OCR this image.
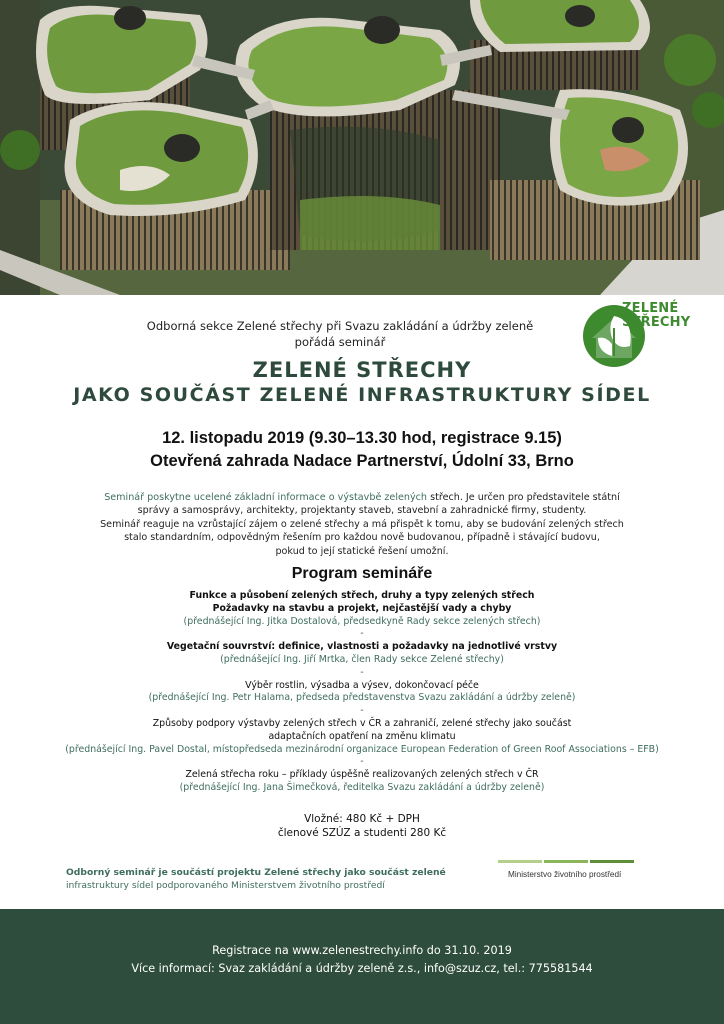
Odborná sekce Zelené střechy při Svazu zakládání a údržby zeleně
pořádá seminář
ZELENÉ
STŘECHY
ZELENÉ STŘECHY
JAKO SOUČÁST ZELENÉ INFRASTRUKTURY SÍDEL
12. listopadu 2019 (9.30–13.30 hod, registrace 9.15)
Otevřená zahrada Nadace Partnerství, Údolní 33, Brno
Seminář poskytne ucelené základní informace o výstavbě zelených střech. Je určen pro představitele státní
správy a samosprávy, architekty, projektanty staveb, stavební a zahradnické firmy, studenty.
Seminář reaguje na vzrůstající zájem o zelené střechy a má přispět k tomu, aby se budování zelených střech
stalo standardním, odpovědným řešením pro každou nově budovanou, případně i stávající budovu,
pokud to její statické řešení umožní.
Program semináře
Funkce a působení zelených střech, druhy a typy zelených střech
Požadavky na stavbu a projekt, nejčastější vady a chyby
(přednášející Ing. Jitka Dostalová, předsedkyně Rady sekce zelených střech)
-
Vegetační souvrství: definice, vlastnosti a požadavky na jednotlivé vrstvy
(přednášející Ing. Jiří Mrtka, člen Rady sekce Zelené střechy)
-
Výběr rostlin, výsadba a výsev, dokončovací péče
(přednášející Ing. Petr Halama, předseda představenstva Svazu zakládání a údržby zeleně)
-
Způsoby podpory výstavby zelených střech v ČR a zahraničí, zelené střechy jako součást
adaptačních opatření na změnu klimatu
(přednášející Ing. Pavel Dostal, místopředseda mezinárodní organizace European Federation of Green Roof Associations – EFB)
-
Zelená střecha roku – příklady úspěšně realizovaných zelených střech v ČR
(přednášející Ing. Jana Šimečková, ředitelka Svazu zakládání a údržby zeleně)
Vložné: 480 Kč + DPH
členové SZÚZ a studenti 280 Kč
Odborný seminář je součástí projektu Zelené střechy jako součást zelené
infrastruktury sídel podporovaného Ministerstvem životního prostředí
Ministerstvo životního prostředí
Registrace na www.zelenestrechy.info do 31.10. 2019
Více informací: Svaz zakládání a údržby zeleně z.s., info@szuz.cz, tel.: 775581544
